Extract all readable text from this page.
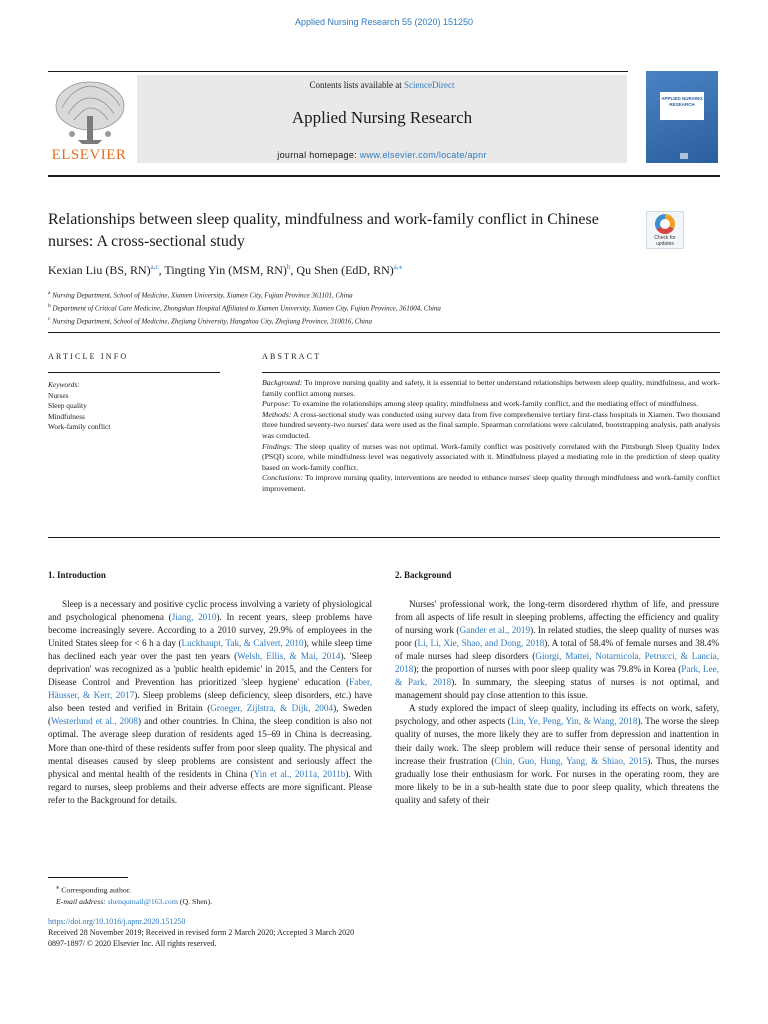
Applied Nursing Research 55 (2020) 151250
ELSEVIER
Contents lists available at ScienceDirect
Applied Nursing Research
journal homepage: www.elsevier.com/locate/apnr
APPLIED NURSING RESEARCH
Relationships between sleep quality, mindfulness and work-family conflict in Chinese nurses: A cross-sectional study	Check for updates
Kexian Liu (BS, RN)$^{a,c}$, Tingting Yin (MSM, RN)$^b$, Qu Shen (EdD, RN)$^{a,⁎}$
$^a$ Nursing Department, School of Medicine, Xiamen University, Xiamen City, Fujian Province 361101, China
$^b$ Department of Critical Care Medicine, Zhongshan Hospital Affiliated to Xiamen University, Xiamen City, Fujian Province, 361004, China
$^c$ Nursing Department, School of Medicine, Zhejiang University, Hangzhou City, Zhejiang Province, 310016, China
ARTICLE INFO	ABSTRACT
Keywords:
Nurses
Sleep quality
Mindfulness
Work-family conflict

Background: To improve nursing quality and safety, it is essential to better understand relationships between sleep quality, mindfulness, and work-family conflict among nurses.

Purpose: To examine the relationships among sleep quality, mindfulness and work-family conflict, and the mediating effect of mindfulness.

Methods: A cross-sectional study was conducted using survey data from five comprehensive tertiary first-class hospitals in Xiamen. Two thousand three hundred seventy-two nurses' data were used as the final sample. Spearman correlations were calculated, bootstrapping analysis, path analysis was conducted.

Findings: The sleep quality of nurses was not optimal. Work-family conflict was positively correlated with the Pittsburgh Sleep Quality Index (PSQI) score, while mindfulness level was negatively associated with it. Mindfulness played a mediating role in the prediction of sleep quality based on work-family conflict.

Conclusions: To improve nursing quality, interventions are needed to enhance nurses' sleep quality through mindfulness and work-family conflict improvement.

1. Introduction	2. Background

Sleep is a necessary and positive cyclic process involving a variety of physiological and psychological phenomena (Jiang, 2010). In recent years, sleep problems have become increasingly severe. According to a 2010 survey, 29.9% of employees in the United States sleep for < 6 h a day (Luckhaupt, Tak, & Calvert, 2010), while sleep time has declined each year over the past ten years (Welsh, Ellis, & Mai, 2014). 'Sleep deprivation' was recognized as a 'public health epidemic' in 2015, and the Centers for Disease Control and Prevention has prioritized 'sleep hygiene' education (Faber, Häusser, & Kerr, 2017). Sleep problems (sleep deficiency, sleep disorders, etc.) have also been tested and verified in Britain (Groeger, Zijlstra, & Dijk, 2004), Sweden (Westerlund et al., 2008) and other countries. In China, the sleep condition is also not optimal. The average sleep duration of residents aged 15–69 in China is decreasing. More than one-third of these residents suffer from poor sleep quality. The physical and mental diseases caused by sleep problems are consistent and seriously affect the physical and mental health of the residents in China (Yin et al., 2011a, 2011b). With regard to nurses, sleep problems and their adverse effects are more significant. Please refer to the Background for details.

Nurses' professional work, the long-term disordered rhythm of life, and pressure from all aspects of life result in sleeping problems, affecting the efficiency and quality of nursing work (Gander et al., 2019). In related studies, the sleep quality of nurses was poor (Li, Li, Xie, Shao, and Dong, 2018). A total of 58.4% of female nurses and 38.4% of male nurses had sleep disorders (Giorgi, Mattei, Notarnicola, Petrucci, & Lancia, 2018); the proportion of nurses with poor sleep quality was 79.8% in Korea (Park, Lee, & Park, 2018). In summary, the sleeping status of nurses is not optimal, and management should pay close attention to this issue.

A study explored the impact of sleep quality, including its effects on work, safety, psychology, and other aspects (Lin, Ye, Peng, Yin, & Wang, 2018). The worse the sleep quality of nurses, the more likely they are to suffer from depression and inattention in their daily work. The sleep problem will reduce their sense of personal identity and increase their frustration (Chin, Guo, Hung, Yang, & Shiao, 2015). Thus, the nurses gradually lose their enthusiasm for work. For nurses in the operating room, they are more likely to be in a sub-health state due to poor sleep quality, which threatens the quality and safety of their

⁎ Corresponding author.
E-mail address: shenqumail@163.com (Q. Shen).
https://doi.org/10.1016/j.apnr.2020.151250
Received 28 November 2019; Received in revised form 2 March 2020; Accepted 3 March 2020
0897-1897/ © 2020 Elsevier Inc. All rights reserved.
